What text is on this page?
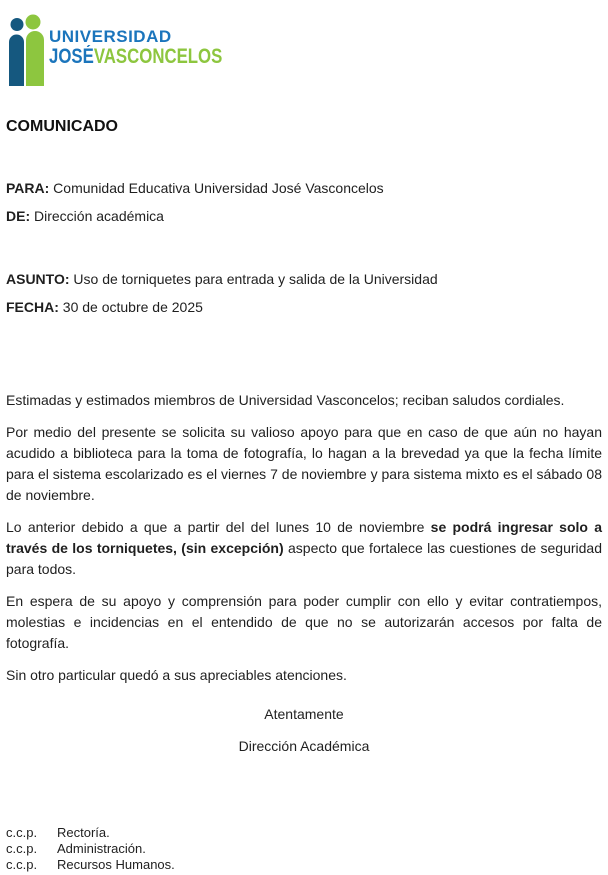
UNIVERSIDAD
JOSÉVASCONCELOS
COMUNICADO

PARA: Comunidad Educativa Universidad José Vasconcelos

DE: Dirección académica

ASUNTO: Uso de torniquetes para entrada y salida de la Universidad

FECHA: 30 de octubre de 2025

Estimadas y estimados miembros de Universidad Vasconcelos; reciban saludos cordiales.

Por medio del presente se solicita su valioso apoyo para que en caso de que aún no hayan acudido a biblioteca para la toma de fotografía, lo hagan a la brevedad ya que la fecha límite para el sistema escolarizado es el viernes 7 de noviembre y para sistema mixto es el sábado 08 de noviembre.

Lo anterior debido a que a partir del del lunes 10 de noviembre se podrá ingresar solo a través de los torniquetes, (sin excepción) aspecto que fortalece las cuestiones de seguridad para todos.

En espera de su apoyo y comprensión para poder cumplir con ello y evitar contratiempos, molestias e incidencias en el entendido de que no se autorizarán accesos por falta de fotografía.

Sin otro particular quedó a sus apreciables atenciones.

Atentamente

Dirección Académica

c.c.p.	Rectoría.
c.c.p.	Administración.
c.c.p.	Recursos Humanos.
